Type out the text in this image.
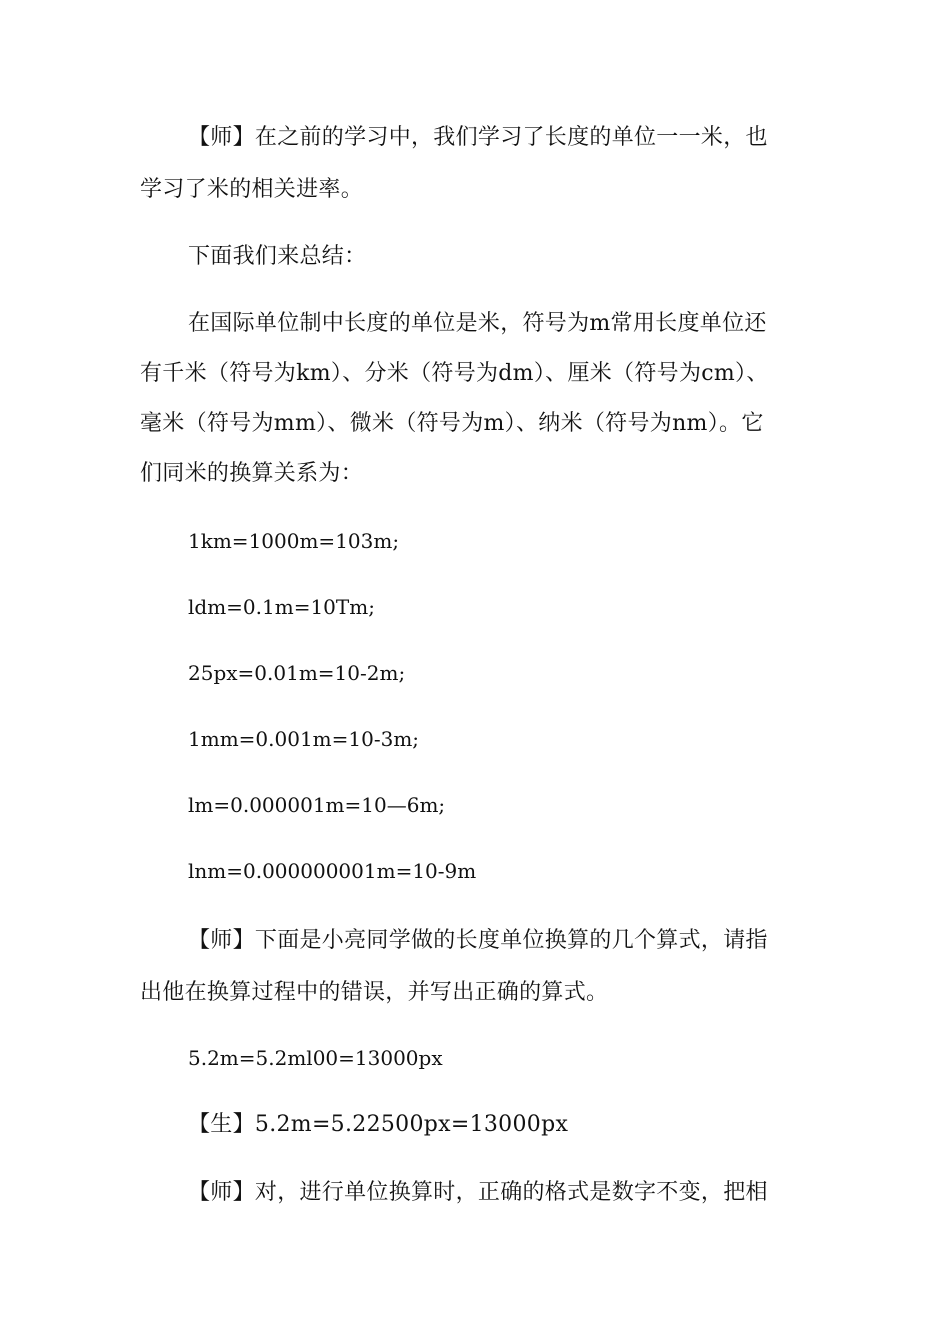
【师】在之前的学习中，我们学习了长度的单位一一米，也
学习了米的相关进率。
下面我们来总结：
在国际单位制中长度的单位是米，符号为m常用长度单位还
有千米（符号为km）、分米（符号为dm）、厘米（符号为cm）、
毫米（符号为mm）、微米（符号为m）、纳米（符号为nm）。它
们同米的换算关系为：
1km=1000m=103m;
ldm=0.1m=10Tm;
25px=0.01m=10-2m;
1mm=0.001m=10-3m;
lm=0.000001m=10—6m;
lnm=0.000000001m=10-9m
【师】下面是小亮同学做的长度单位换算的几个算式，请指
出他在换算过程中的错误，并写出正确的算式。
5.2m=5.2ml00=13000px
【生】5.2m=5.22500px=13000px
【师】对，进行单位换算时，正确的格式是数字不变，把相
